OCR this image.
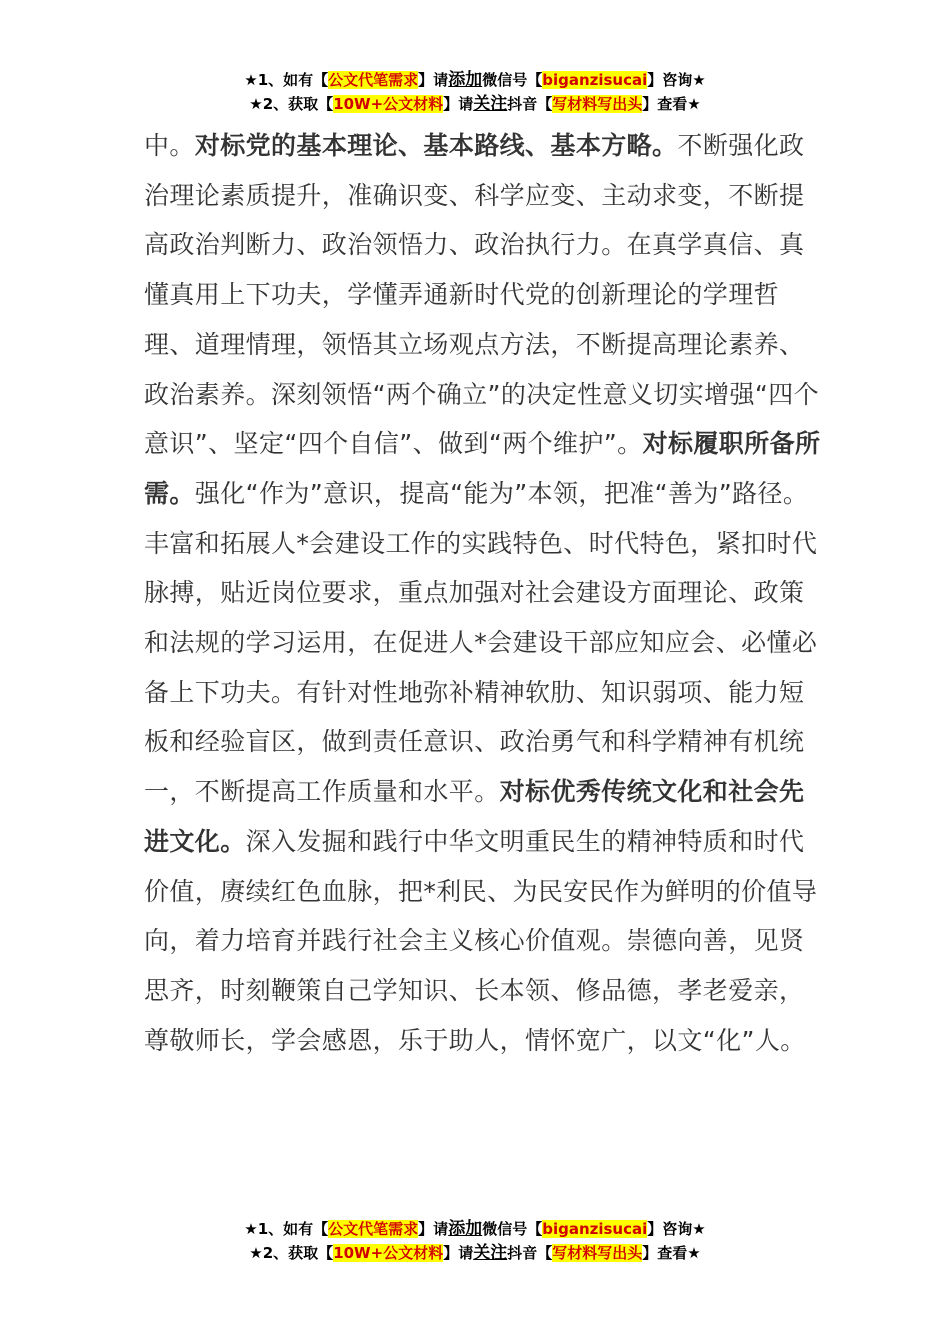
★1、如有【公文代笔需求】请添加微信号【biganzisucai】咨询★
★2、获取【10W+公文材料】请关注抖音【写材料写出头】查看★
中。对标党的基本理论、基本路线、基本方略。不断强化政治理论素质提升，准确识变、科学应变、主动求变，不断提高政治判断力、政治领悟力、政治执行力。在真学真信、真懂真用上下功夫，学懂弄通新时代党的创新理论的学理哲理、道理情理，领悟其立场观点方法，不断提高理论素养、政治素养。深刻领悟“两个确立”的决定性意义切实增强“四个意识”、坚定“四个自信”、做到“两个维护”。对标履职所备所需。强化“作为”意识，提高“能为”本领，把准“善为”路径。丰富和拓展人*会建设工作的实践特色、时代特色，紧扣时代脉搏，贴近岗位要求，重点加强对社会建设方面理论、政策和法规的学习运用，在促进人*会建设干部应知应会、必懂必备上下功夫。有针对性地弥补精神软肋、知识弱项、能力短板和经验盲区，做到责任意识、政治勇气和科学精神有机统一，不断提高工作质量和水平。对标优秀传统文化和社会先进文化。深入发掘和践行中华文明重民生的精神特质和时代价值，赓续红色血脉，把*利民、为民安民作为鲜明的价值导向，着力培育并践行社会主义核心价值观。崇德向善，见贤思齐，时刻鞭策自己学知识、长本领、修品德，孝老爱亲，尊敬师长，学会感恩，乐于助人，情怀宽广，以文“化”人。
★1、如有【公文代笔需求】请添加微信号【biganzisucai】咨询★
★2、获取【10W+公文材料】请关注抖音【写材料写出头】查看★
